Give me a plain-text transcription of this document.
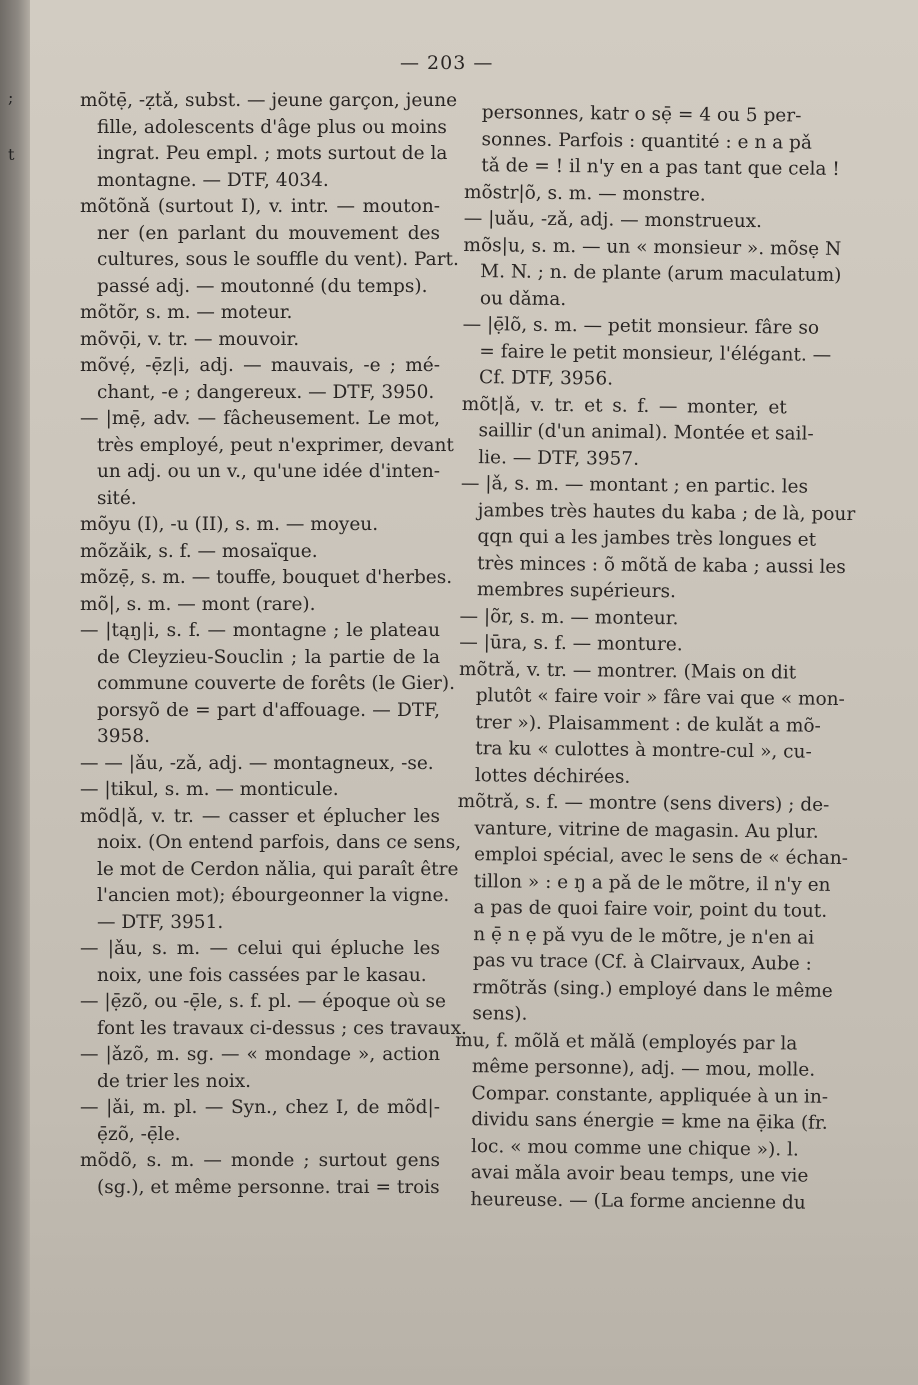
;
t
— 203 —
mõtẹ̄, -ẓtǎ, subst. — jeune garçon, jeune
fille, adolescents d'âge plus ou moins
ingrat. Peu empl. ; mots surtout de la
montagne. — DTF, 4034.
mõtõnǎ (surtout I), v. intr. — mouton-
ner (en parlant du mouvement des
cultures, sous le souffle du vent). Part.
passé adj. — moutonné (du temps).
mõtõr, s. m. — moteur.
mõvọ̄i, v. tr. — mouvoir.
mõvẹ́, -ẹ̄z|i, adj. — mauvais, -e ; mé-
chant, -e ; dangereux. — DTF, 3950.
— |mẹ̄, adv. — fâcheusement. Le mot,
très employé, peut n'exprimer, devant
un adj. ou un v., qu'une idée d'inten-
sité.
mõyu (I), -u (II), s. m. — moyeu.
mõzǎik, s. f. — mosaïque.
mõzẹ̄, s. m. — touffe, bouquet d'herbes.
mõ|, s. m. — mont (rare).
— |tąŋ|i, s. f. — montagne ; le plateau
de Cleyzieu-Souclin ; la partie de la
commune couverte de forêts (le Gier).
porsyõ de = part d'affouage. — DTF,
3958.
— — |ǎu, -zǎ, adj. — montagneux, -se.
— |tikul, s. m. — monticule.
mõd|ǎ, v. tr. — casser et éplucher les
noix. (On entend parfois, dans ce sens,
le mot de Cerdon nǎlia, qui paraît être
l'ancien mot); ébourgeonner la vigne.
— DTF, 3951.
— |ǎu, s. m. — celui qui épluche les
noix, une fois cassées par le kasau.
— |ẹ̄zõ, ou -ẹ̄le, s. f. pl. — époque où se
font les travaux ci-dessus ; ces travaux.
— |ǎzõ, m. sg. — « mondage », action
de trier les noix.
— |ǎi, m. pl. — Syn., chez I, de mõd|-
ẹ̄zõ, -ẹ̄le.
mõdõ, s. m. — monde ; surtout gens
(sg.), et même personne. trai = trois
personnes, katr o sẹ̄ = 4 ou 5 per-
sonnes. Parfois : quantité : e n a pǎ
tǎ de = ! il n'y en a pas tant que cela !
mõstr|õ, s. m. — monstre.
— |uǎu, -zǎ, adj. — monstrueux.
mõs|u, s. m. — un « monsieur ». mõsẹ N
M. N. ; n. de plante (arum maculatum)
ou dǎma.
— |ẹ̄lõ, s. m. — petit monsieur. fâre so
= faire le petit monsieur, l'élégant. —
Cf. DTF, 3956.
mõt|ǎ, v. tr. et s. f. — monter, et
saillir (d'un animal). Montée et sail-
lie. — DTF, 3957.
— |ǎ, s. m. — montant ; en partic. les
jambes très hautes du kaba ; de là, pour
qqn qui a les jambes très longues et
très minces : õ mõtǎ de kaba ; aussi les
membres supérieurs.
— |õr, s. m. — monteur.
— |ūra, s. f. — monture.
mõtrǎ, v. tr. — montrer. (Mais on dit
plutôt « faire voir » fâre vai que « mon-
trer »). Plaisamment : de kulǎt a mõ-
tra ku « culottes à montre-cul », cu-
lottes déchirées.
mõtrǎ, s. f. — montre (sens divers) ; de-
vanture, vitrine de magasin. Au plur.
emploi spécial, avec le sens de « échan-
tillon » : e ŋ a pǎ de le mõtre, il n'y en
a pas de quoi faire voir, point du tout.
n ẹ̄ n ẹ pǎ vyu de le mõtre, je n'en ai
pas vu trace (Cf. à Clairvaux, Aube :
rmõtrǎs (sing.) employé dans le même
sens).
mu, f. mõlǎ et mǎlǎ (employés par la
même personne), adj. — mou, molle.
Compar. constante, appliquée à un in-
dividu sans énergie = kme na ẹ̄ika (fr.
loc. « mou comme une chique »). l.
avai mǎla avoir beau temps, une vie
heureuse. — (La forme ancienne du
